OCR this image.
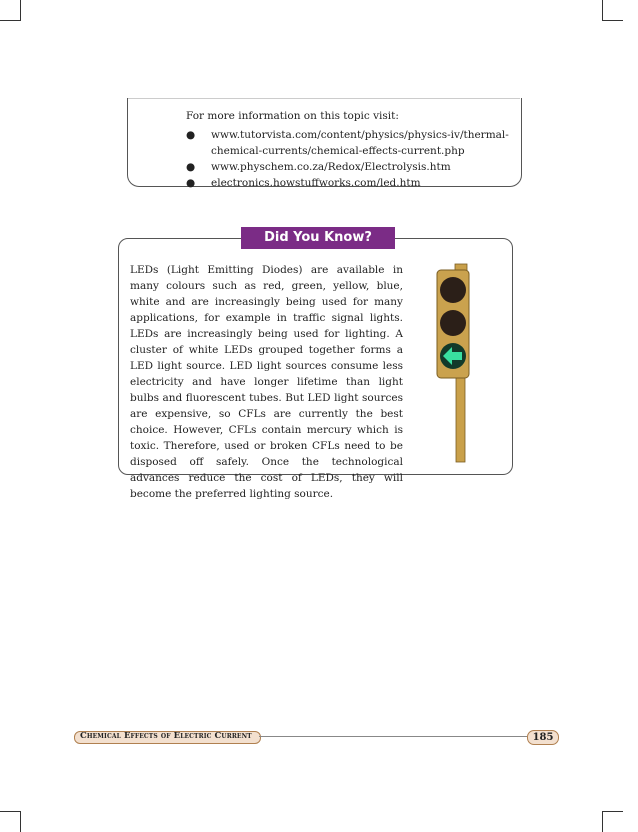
For more information on this topic visit:
● www.tutorvista.com/content/physics/physics-iv/thermal-chemical-currents/chemical-effects-current.php
● www.physchem.co.za/Redox/Electrolysis.htm
● electronics.howstuffworks.com/led.htm
Did You Know?

LEDs (Light Emitting Diodes) are available in many colours such as red, green, yellow, blue, white and are increasingly being used for many applications, for example in traffic signal lights. LEDs are increasingly being used for lighting. A cluster of white LEDs grouped together forms a LED light source. LED light sources consume less electricity and have longer lifetime than light bulbs and fluorescent tubes. But LED light sources are expensive, so CFLs are currently the best choice. However, CFLs contain mercury which is toxic. Therefore, used or broken CFLs need to be disposed off safely. Once the technological advances reduce the cost of LEDs, they will become the preferred lighting source.

Chemical Effects of Electric Current	185
